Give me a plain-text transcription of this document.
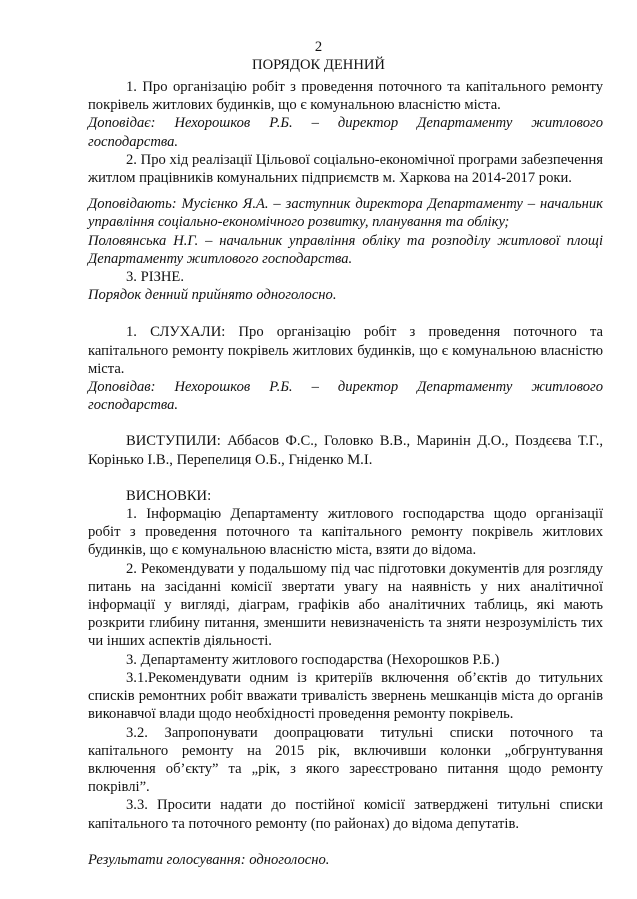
2
ПОРЯДОК ДЕННИЙ

1. Про організацію робіт з проведення поточного та капітального ремонту покрівель житлових будинків, що є комунальною власністю міста.

Доповідає: Нехорошков Р.Б. – директор Департаменту житлового господарства.

2. Про хід реалізації Цільової соціально-економічної програми забезпечення житлом працівників комунальних підприємств м. Харкова на 2014-2017 роки.

Доповідають: Мусієнко Я.А. – заступник директора Департаменту – начальник управління соціально-економічного розвитку, планування та обліку;

Половянська Н.Г. – начальник управління обліку та розподілу житлової площі Департаменту житлового господарства.

3. РІЗНЕ.

Порядок денний прийнято одноголосно.

1. СЛУХАЛИ: Про організацію робіт з проведення поточного та капітального ремонту покрівель житлових будинків, що є комунальною власністю міста.

Доповідав: Нехорошков Р.Б. – директор Департаменту житлового господарства.

ВИСТУПИЛИ: Аббасов Ф.С., Головко В.В., Маринін Д.О., Поздєєва Т.Г., Корінько І.В., Перепелиця О.Б., Гніденко М.І.

ВИСНОВКИ:

1. Інформацію Департаменту житлового господарства щодо організації робіт з проведення поточного та капітального ремонту покрівель житлових будинків, що є комунальною власністю міста, взяти до відома.

2. Рекомендувати у подальшому під час підготовки документів для розгляду питань на засіданні комісії звертати увагу на наявність у них аналітичної інформації у вигляді, діаграм, графіків або аналітичних таблиць, які мають розкрити глибину питання, зменшити невизначеність та зняти незрозумілість тих чи інших аспектів діяльності.

3. Департаменту житлового господарства (Нехорошков Р.Б.)

3.1.Рекомендувати одним із критеріїв включення об’єктів до титульних списків ремонтних робіт вважати тривалість звернень мешканців міста до органів виконавчої влади щодо необхідності проведення ремонту покрівель.

3.2. Запропонувати доопрацювати титульні списки поточного та капітального ремонту на 2015 рік, включивши колонки „обгрунтування включення об’єкту” та „рік, з якого зареєстровано питання щодо ремонту покрівлі”.

3.3. Просити надати до постійної комісії затверджені титульні списки капітального та поточного ремонту (по районах) до відома депутатів.

Результати голосування: одноголосно.
